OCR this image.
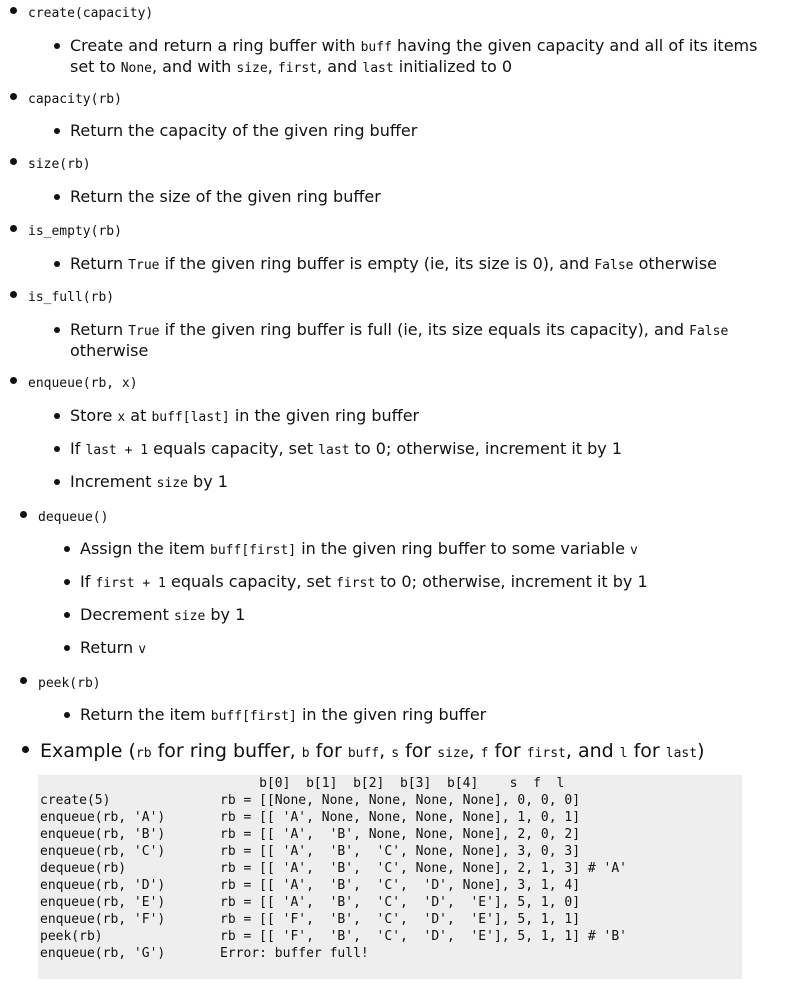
create(capacity)
Create and return a ring buffer with buff having the given capacity and all of its items
set to None, and with size, first, and last initialized to 0
capacity(rb)
Return the capacity of the given ring buffer
size(rb)
Return the size of the given ring buffer
is_empty(rb)
Return True if the given ring buffer is empty (ie, its size is 0), and False otherwise
is_full(rb)
Return True if the given ring buffer is full (ie, its size equals its capacity), and False
otherwise
enqueue(rb, x)
Store x at buff[last] in the given ring buffer
If last + 1 equals capacity, set last to 0; otherwise, increment it by 1
Increment size by 1
dequeue()
Assign the item buff[first] in the given ring buffer to some variable v
If first + 1 equals capacity, set first to 0; otherwise, increment it by 1
Decrement size by 1
Return v
peek(rb)
Return the item buff[first] in the given ring buffer
Example (rb for ring buffer, b for buff, s for size, f for first, and l for last)
b[0]  b[1]  b[2]  b[3]  b[4]    s  f  l
create(5)              rb = [[None, None, None, None, None], 0, 0, 0]
enqueue(rb, 'A')       rb = [[ 'A', None, None, None, None], 1, 0, 1]
enqueue(rb, 'B')       rb = [[ 'A',  'B', None, None, None], 2, 0, 2]
enqueue(rb, 'C')       rb = [[ 'A',  'B',  'C', None, None], 3, 0, 3]
dequeue(rb)            rb = [[ 'A',  'B',  'C', None, None], 2, 1, 3] # 'A'
enqueue(rb, 'D')       rb = [[ 'A',  'B',  'C',  'D', None], 3, 1, 4]
enqueue(rb, 'E')       rb = [[ 'A',  'B',  'C',  'D',  'E'], 5, 1, 0]
enqueue(rb, 'F')       rb = [[ 'F',  'B',  'C',  'D',  'E'], 5, 1, 1]
peek(rb)               rb = [[ 'F',  'B',  'C',  'D',  'E'], 5, 1, 1] # 'B'
enqueue(rb, 'G')       Error: buffer full!
